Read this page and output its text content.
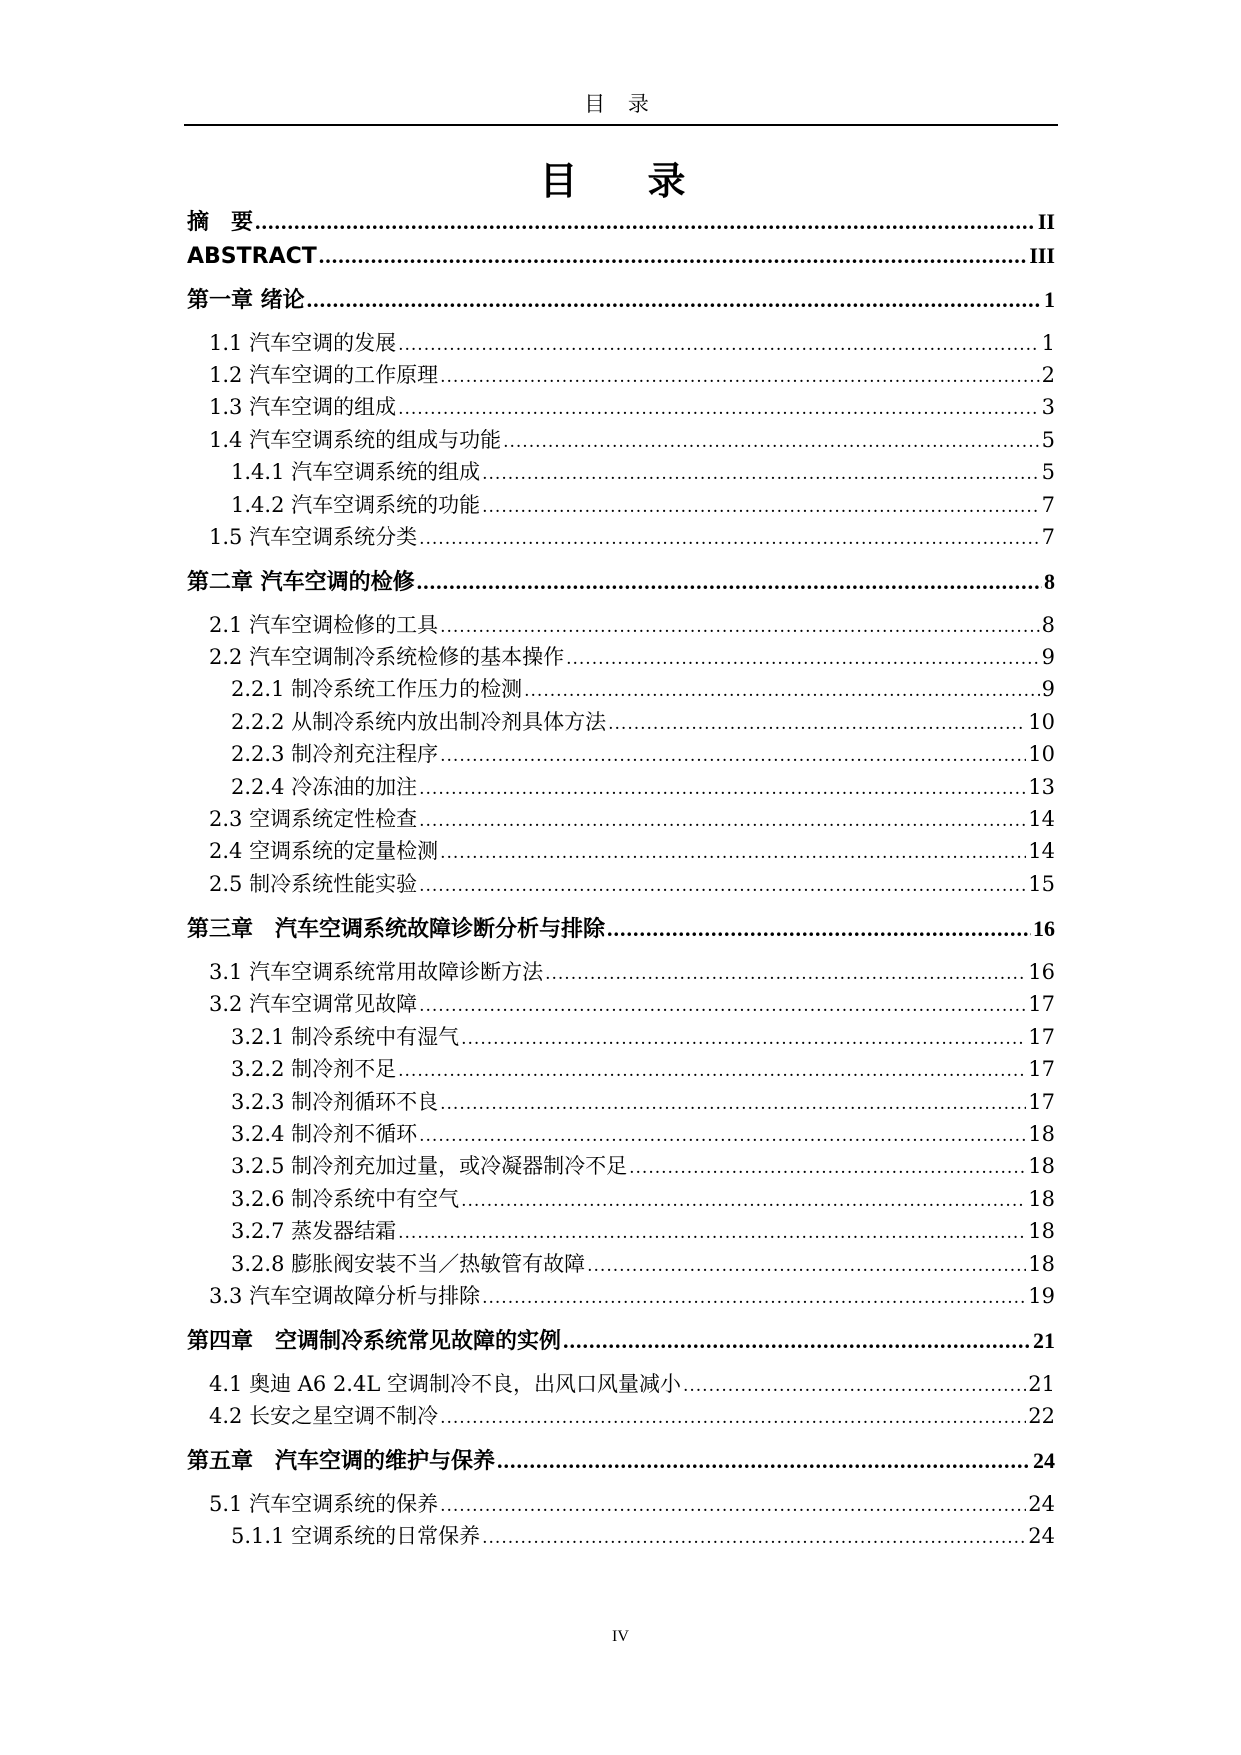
目 录
目　录
摘　要 .....	II
ABSTRACT .....	III
第一章 绪论 .....	1
1.1 汽车空调的发展 .....	1
1.2 汽车空调的工作原理 .....	2
1.3 汽车空调的组成 .....	3
1.4 汽车空调系统的组成与功能 .....	5
1.4.1 汽车空调系统的组成 .....	5
1.4.2 汽车空调系统的功能 .....	7
1.5 汽车空调系统分类 .....	7
第二章 汽车空调的检修 .....	8
2.1 汽车空调检修的工具 .....	8
2.2 汽车空调制冷系统检修的基本操作 .....	9
2.2.1 制冷系统工作压力的检测 .....	9
2.2.2 从制冷系统内放出制冷剂具体方法 .....	10
2.2.3 制冷剂充注程序 .....	10
2.2.4 冷冻油的加注 .....	13
2.3 空调系统定性检查 .....	14
2.4 空调系统的定量检测 .....	14
2.5 制冷系统性能实验 .....	15
第三章　汽车空调系统故障诊断分析与排除 .....	16
3.1 汽车空调系统常用故障诊断方法 .....	16
3.2 汽车空调常见故障 .....	17
3.2.1 制冷系统中有湿气 .....	17
3.2.2 制冷剂不足 .....	17
3.2.3 制冷剂循环不良 .....	17
3.2.4 制冷剂不循环 .....	18
3.2.5 制冷剂充加过量，或冷凝器制冷不足 .....	18
3.2.6 制冷系统中有空气 .....	18
3.2.7 蒸发器结霜 .....	18
3.2.8 膨胀阀安装不当／热敏管有故障 .....	18
3.3 汽车空调故障分析与排除 .....	19
第四章　空调制冷系统常见故障的实例 .....	21
4.1 奥迪 A6 2.4L 空调制冷不良，出风口风量减小 .....	21
4.2 长安之星空调不制冷 .....	22
第五章　汽车空调的维护与保养 .....	24
5.1 汽车空调系统的保养 .....	24
5.1.1 空调系统的日常保养 .....	24
IV
